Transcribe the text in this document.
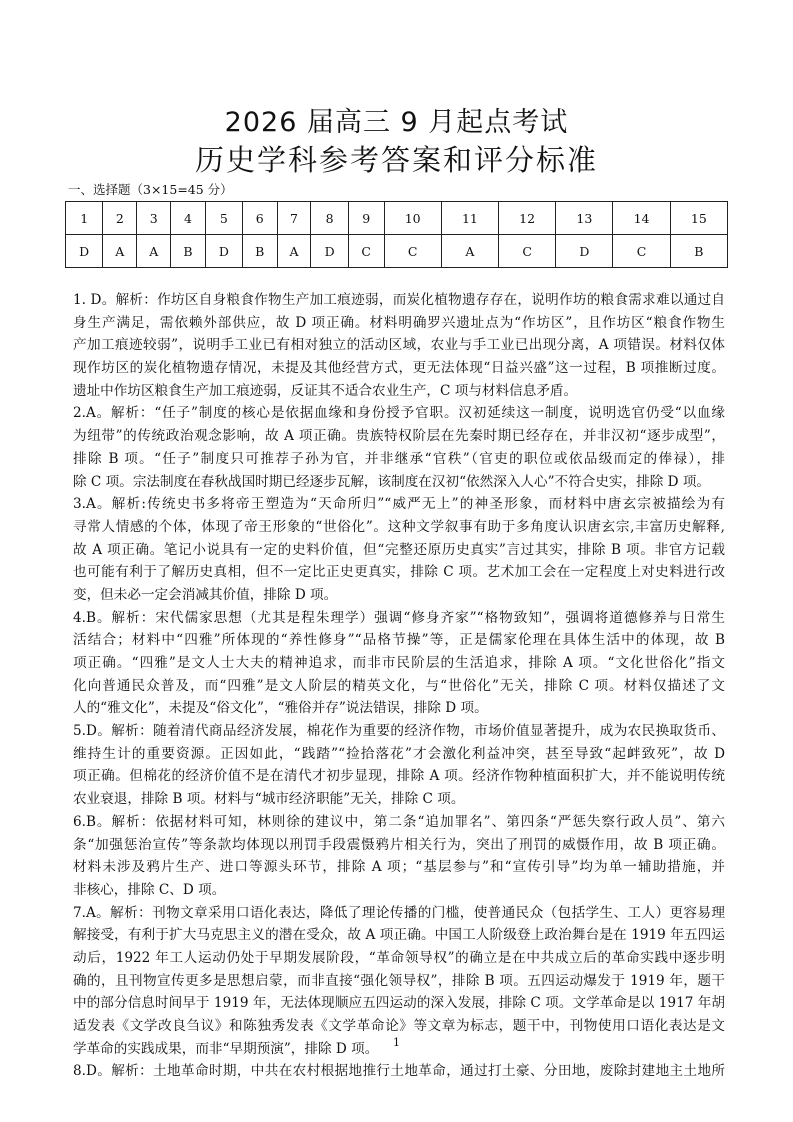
2026 届高三 9 月起点考试
历史学科参考答案和评分标准
一、选择题（3×15=45 分）
1	2	3	4	5	6	7	8	9	10	11	12	13	14	15
D	A	A	B	D	B	A	D	C	C	A	C	D	C	B
1. D。解析：作坊区自身粮食作物生产加工痕迹弱，而炭化植物遗存存在，说明作坊的粮食需求难以通过自
身生产满足，需依赖外部供应，故 D 项正确。材料明确罗兴遗址点为“作坊区”，且作坊区“粮食作物生
产加工痕迹较弱”，说明手工业已有相对独立的活动区域，农业与手工业已出现分离，A 项错误。材料仅体
现作坊区的炭化植物遗存情况，未提及其他经营方式，更无法体现“日益兴盛”这一过程，B 项推断过度。
遗址中作坊区粮食生产加工痕迹弱，反证其不适合农业生产，C 项与材料信息矛盾。
2.A。解析：“任子”制度的核心是依据血缘和身份授予官职。汉初延续这一制度，说明选官仍受“以血缘
为纽带”的传统政治观念影响，故 A 项正确。贵族特权阶层在先秦时期已经存在，并非汉初“逐步成型”，
排除 B 项。“任子”制度只可推荐子孙为官，并非继承“官秩”（官吏的职位或依品级而定的俸禄），排
除 C 项。宗法制度在春秋战国时期已经逐步瓦解，该制度在汉初“依然深入人心”不符合史实，排除 D 项。
3.A。解析:传统史书多将帝王塑造为“天命所归”“威严无上”的神圣形象，而材料中唐玄宗被描绘为有
寻常人情感的个体，体现了帝王形象的“世俗化”。这种文学叙事有助于多角度认识唐玄宗,丰富历史解释,
故 A 项正确。笔记小说具有一定的史料价值，但“完整还原历史真实”言过其实，排除 B 项。非官方记载
也可能有利于了解历史真相，但不一定比正史更真实，排除 C 项。艺术加工会在一定程度上对史料进行改
变，但未必一定会消减其价值，排除 D 项。
4.B。解析：宋代儒家思想（尤其是程朱理学）强调“修身齐家”“格物致知”，强调将道德修养与日常生
活结合；材料中“四雅”所体现的“养性修身”“品格节操”等，正是儒家伦理在具体生活中的体现，故 B
项正确。“四雅”是文人士大夫的精神追求，而非市民阶层的生活追求，排除 A 项。“文化世俗化”指文
化向普通民众普及，而“四雅”是文人阶层的精英文化，与“世俗化”无关，排除 C 项。材料仅描述了文
人的“雅文化”，未提及“俗文化”，“雅俗并存”说法错误，排除 D 项。
5.D。解析：随着清代商品经济发展，棉花作为重要的经济作物，市场价值显著提升，成为农民换取货币、
维持生计的重要资源。正因如此，“践踏”“捡拾落花”才会激化利益冲突，甚至导致“起衅致死”，故 D
项正确。但棉花的经济价值不是在清代才初步显现，排除 A 项。经济作物种植面积扩大，并不能说明传统
农业衰退，排除 B 项。材料与“城市经济职能”无关，排除 C 项。
6.B。解析：依据材料可知，林则徐的建议中，第二条“追加罪名”、第四条“严惩失察行政人员”、第六
条“加强惩治宣传”等条款均体现以刑罚手段震慑鸦片相关行为，突出了刑罚的威慑作用，故 B 项正确。
材料未涉及鸦片生产、进口等源头环节，排除 A 项；“基层参与”和“宣传引导”均为单一辅助措施，并
非核心，排除 C、D 项。
7.A。解析：刊物文章采用口语化表达，降低了理论传播的门槛，使普通民众（包括学生、工人）更容易理
解接受，有利于扩大马克思主义的潜在受众，故 A 项正确。中国工人阶级登上政治舞台是在 1919 年五四运
动后，1922 年工人运动仍处于早期发展阶段，“革命领导权”的确立是在中共成立后的革命实践中逐步明
确的，且刊物宣传更多是思想启蒙，而非直接“强化领导权”，排除 B 项。五四运动爆发于 1919 年，题干
中的部分信息时间早于 1919 年，无法体现顺应五四运动的深入发展，排除 C 项。文学革命是以 1917 年胡
适发表《文学改良刍议》和陈独秀发表《文学革命论》等文章为标志，题干中，刊物使用口语化表达是文
学革命的实践成果，而非“早期预演”，排除 D 项。
8.D。解析：土地革命时期，中共在农村根据地推行土地革命，通过打土豪、分田地，废除封建地主土地所
1
